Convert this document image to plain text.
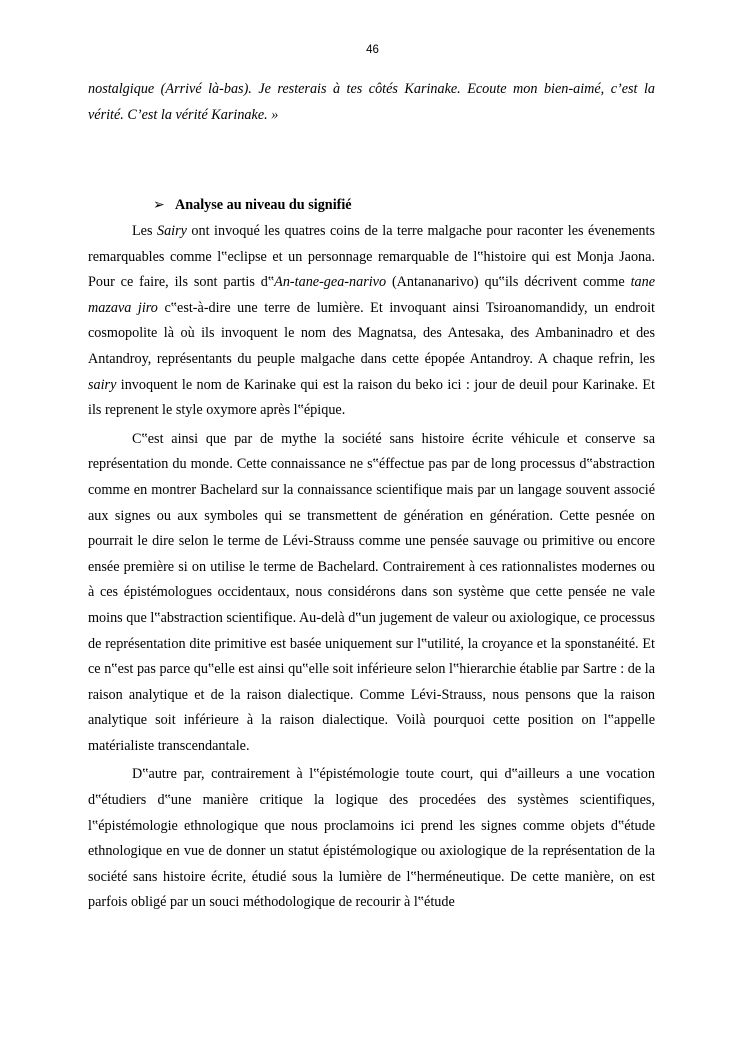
46

nostalgique (Arrivé là-bas). Je resterais à tes côtés Karinake. Ecoute mon bien-aimé, c’est la vérité. C’est la vérité Karinake. »

➢ Analyse au niveau du signifié

Les Sairy ont invoqué les quatres coins de la terre malgache pour raconter les évenements remarquables comme l‟eclipse et un personnage remarquable de l‟histoire qui est Monja Jaona. Pour ce faire, ils sont partis d‟An-tane-gea-narivo (Antananarivo) qu‟ils décrivent comme tane mazava jiro c‟est-à-dire une terre de lumière. Et invoquant ainsi Tsiroanomandidy, un endroit cosmopolite là où ils invoquent le nom des Magnatsa, des Antesaka, des Ambaninadro et des Antandroy, représentants du peuple malgache dans cette épopée Antandroy. A chaque refrin, les sairy invoquent le nom de Karinake qui est la raison du beko ici : jour de deuil pour Karinake. Et ils reprenent le style oxymore après l‟épique.

C‟est ainsi que par de mythe la société sans histoire écrite véhicule et conserve sa représentation du monde. Cette connaissance ne s‟éffectue pas par de long processus d‟abstraction comme en montrer Bachelard sur la connaissance scientifique mais par un langage souvent associé aux signes ou aux symboles qui se transmettent de génération en génération. Cette pesnée on pourrait le dire selon le terme de Lévi-Strauss comme une pensée sauvage ou primitive ou encore ensée première si on utilise le terme de Bachelard. Contrairement à ces rationnalistes modernes ou à ces épistémologues occidentaux, nous considérons dans son système que cette pensée ne vale moins que l‟abstraction scientifique. Au-delà d‟un jugement de valeur ou axiologique, ce processus de représentation dite primitive est basée uniquement sur l‟utilité, la croyance et la sponstanéité. Et ce n‟est pas parce qu‟elle est ainsi qu‟elle soit inférieure selon l‟hierarchie établie par Sartre : de la raison analytique et de la raison dialectique. Comme Lévi-Strauss, nous pensons que la raison analytique soit inférieure à la raison dialectique. Voilà pourquoi cette position on l‟appelle matérialiste transcendantale.

D‟autre par, contrairement à l‟épistémologie toute court, qui d‟ailleurs a une vocation d‟étudiers d‟une manière critique la logique des procedées des systèmes scientifiques, l‟épistémologie ethnologique que nous proclamoins ici prend les signes comme objets d‟étude ethnologique en vue de donner un statut épistémologique ou axiologique de la représentation de la société sans histoire écrite, étudié sous la lumière de l‟herméneutique. De cette manière, on est parfois obligé par un souci méthodologique de recourir à l‟étude
